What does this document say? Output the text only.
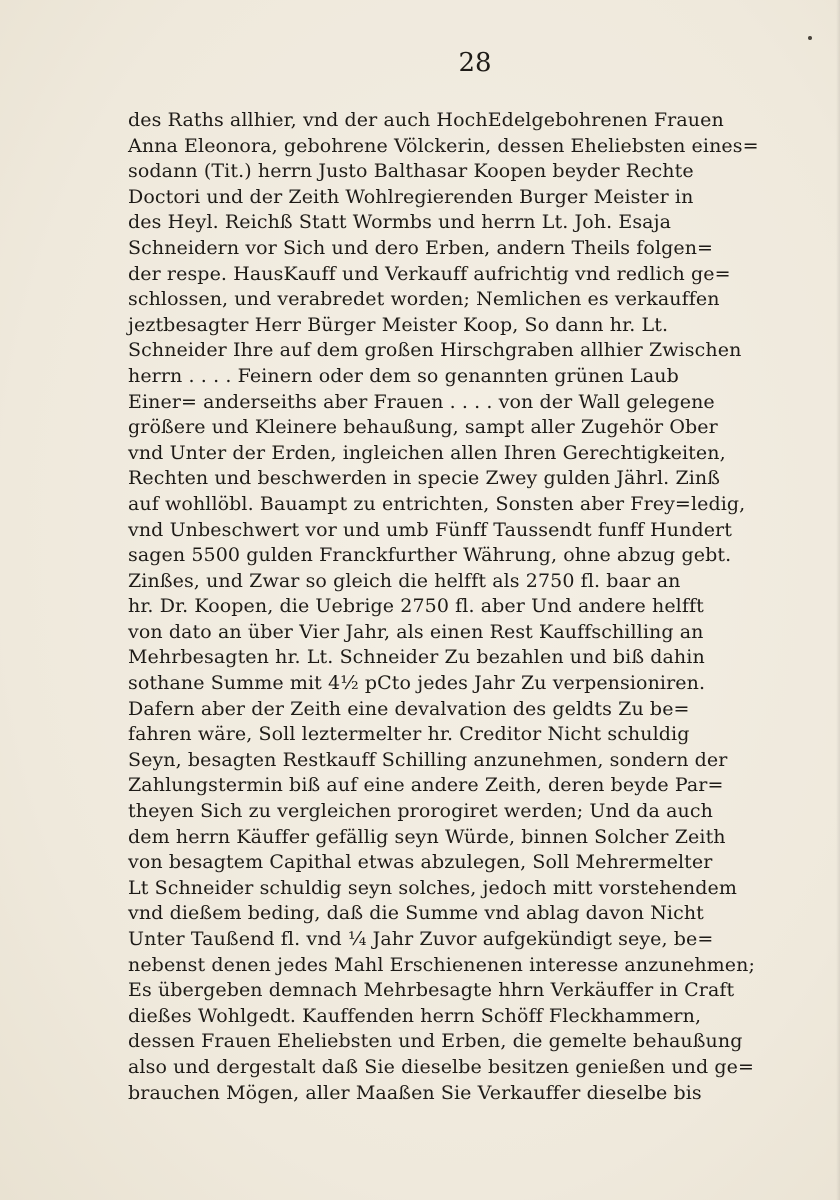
28
des Raths allhier, vnd der auch HochEdelgebohrenen Frauen
Anna Eleonora, gebohrene Völckerin, dessen Eheliebsten eines=
sodann (Tit.) herrn Justo Balthasar Koopen beyder Rechte
Doctori und der Zeith Wohlregierenden Burger Meister in
des Heyl. Reichß Statt Wormbs und herrn Lt. Joh. Esaja
Schneidern vor Sich und dero Erben, andern Theils folgen=
der respe. HausKauff und Verkauff aufrichtig vnd redlich ge=
schlossen, und verabredet worden; Nemlichen es verkauffen
jeztbesagter Herr Bürger Meister Koop, So dann hr. Lt.
Schneider Ihre auf dem großen Hirschgraben allhier Zwischen
herrn . . . . Feinern oder dem so genannten grünen Laub
Einer= anderseiths aber Frauen . . . . von der Wall gelegene
größere und Kleinere behaußung, sampt aller Zugehör Ober
vnd Unter der Erden, ingleichen allen Ihren Gerechtigkeiten,
Rechten und beschwerden in specie Zwey gulden Jährl. Zinß
auf wohllöbl. Bauampt zu entrichten, Sonsten aber Frey=ledig,
vnd Unbeschwert vor und umb Fünff Taussendt funff Hundert
sagen 5500 gulden Franckfurther Währung, ohne abzug gebt.
Zinßes, und Zwar so gleich die helfft als 2750 fl. baar an
hr. Dr. Koopen, die Uebrige 2750 fl. aber Und andere helfft
von dato an über Vier Jahr, als einen Rest Kauffschilling an
Mehrbesagten hr. Lt. Schneider Zu bezahlen und biß dahin
sothane Summe mit 4½ pCto jedes Jahr Zu verpensioniren.
Dafern aber der Zeith eine devalvation des geldts Zu be=
fahren wäre, Soll leztermelter hr. Creditor Nicht schuldig
Seyn, besagten Restkauff Schilling anzunehmen, sondern der
Zahlungstermin biß auf eine andere Zeith, deren beyde Par=
theyen Sich zu vergleichen prorogiret werden; Und da auch
dem herrn Käuffer gefällig seyn Würde, binnen Solcher Zeith
von besagtem Capithal etwas abzulegen, Soll Mehrermelter
Lt Schneider schuldig seyn solches, jedoch mitt vorstehendem
vnd dießem beding, daß die Summe vnd ablag davon Nicht
Unter Taußend fl. vnd ¼ Jahr Zuvor aufgekündigt seye, be=
nebenst denen jedes Mahl Erschienenen interesse anzunehmen;
Es übergeben demnach Mehrbesagte hhrn Verkäuffer in Craft
dießes Wohlgedt. Kauffenden herrn Schöff Fleckhammern,
dessen Frauen Eheliebsten und Erben, die gemelte behaußung
also und dergestalt daß Sie dieselbe besitzen genießen und ge=
brauchen Mögen, aller Maaßen Sie Verkauffer dieselbe bis
